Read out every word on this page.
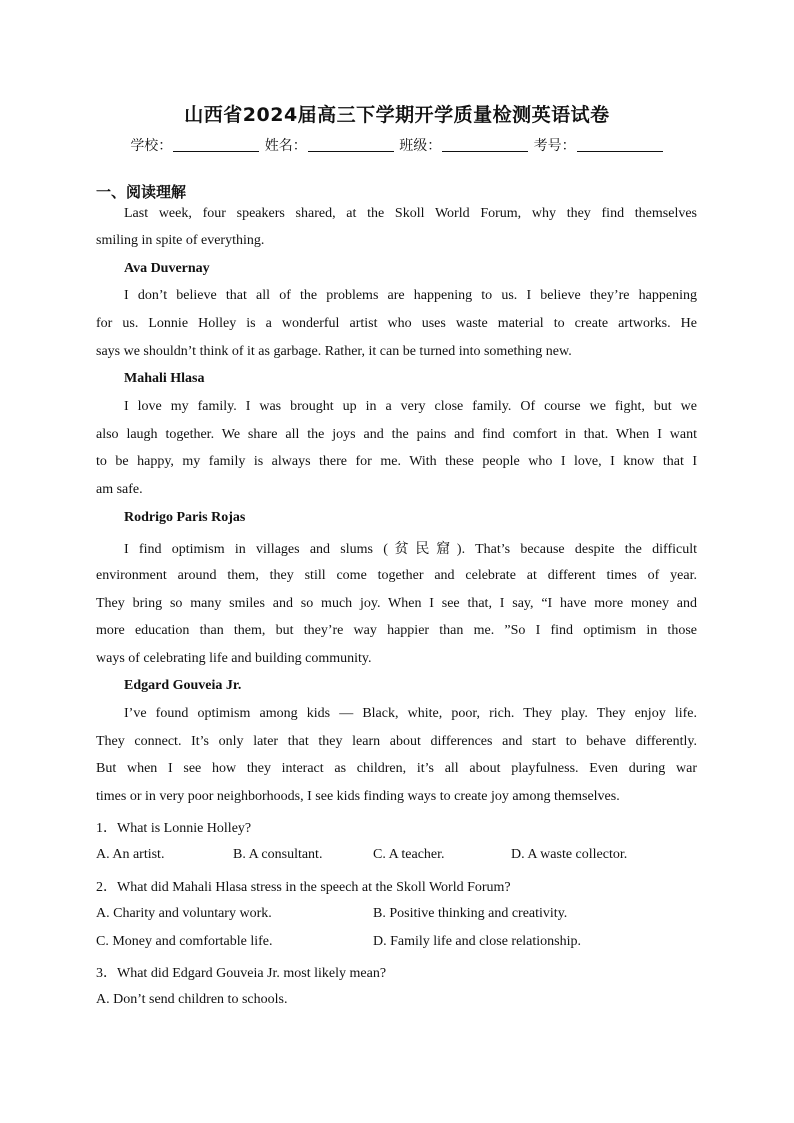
山西省2024届高三下学期开学质量检测英语试卷
学校：	姓名：	班级：	考号：
一、阅读理解
Last week, four speakers shared, at the Skoll World Forum, why they find themselves
smiling in spite of everything.
Ava Duvernay
I don’t believe that all of the problems are happening to us. I believe they’re happening
for us. Lonnie Holley is a wonderful artist who uses waste material to create artworks. He
says we shouldn’t think of it as garbage. Rather, it can be turned into something new.
Mahali Hlasa
I love my family. I was brought up in a very close family. Of course we fight, but we
also laugh together. We share all the joys and the pains and find comfort in that. When I want
to be happy, my family is always there for me. With these people who I love, I know that I
am safe.
Rodrigo Paris Rojas
I find optimism in villages and slums (贫民窟). That’s because despite the difficult
environment around them, they still come together and celebrate at different times of year.
They bring so many smiles and so much joy. When I see that, I say, “I have more money and
more education than them, but they’re way happier than me. ”So I find optimism in those
ways of celebrating life and building community.
Edgard Gouveia Jr.
I’ve found optimism among kids — Black, white, poor, rich. They play. They enjoy life.
They connect. It’s only later that they learn about differences and start to behave differently.
But when I see how they interact as children, it’s all about playfulness. Even during war
times or in very poor neighborhoods, I see kids finding ways to create joy among themselves.
1．What is Lonnie Holley?
A. An artist.	B. A consultant.	C. A teacher.	D. A waste collector.
2．What did Mahali Hlasa stress in the speech at the Skoll World Forum?
A. Charity and voluntary work.	B. Positive thinking and creativity.
C. Money and comfortable life.	D. Family life and close relationship.
3．What did Edgard Gouveia Jr. most likely mean?
A. Don’t send children to schools.
